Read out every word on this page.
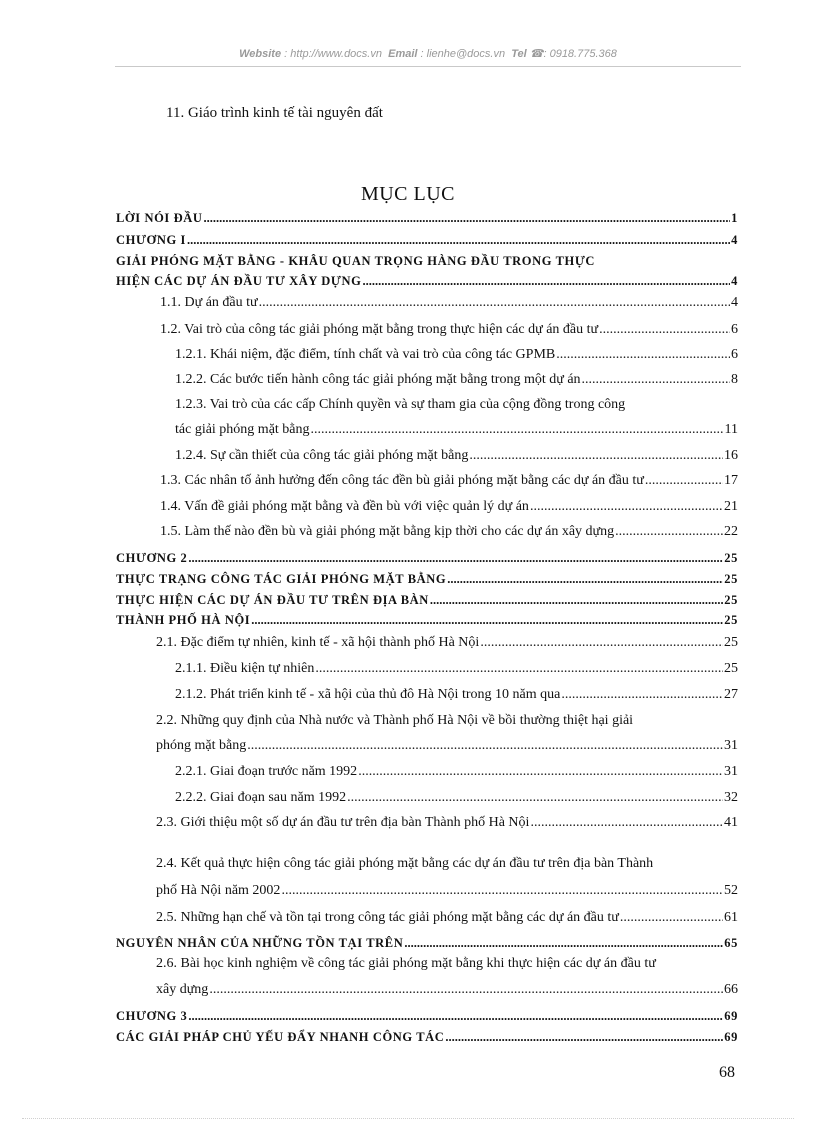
Website : http://www.docs.vn Email : lienhe@docs.vn Tel ☎: 0918.775.368
11. Giáo trình kinh tế tài nguyên đất
MỤC LỤC
LỜI NÓI ĐẦU .....	1
CHƯƠNG I .....	4
GIẢI PHÓNG MẶT BẰNG - KHÂU QUAN TRỌNG HÀNG ĐẦU TRONG THỰC
HIỆN CÁC DỰ ÁN ĐẦU TƯ XÂY DỰNG .....	4
1.1. Dự án đầu tư .....	4
1.2. Vai trò của công tác giải phóng mặt bằng trong thực hiện các dự án đầu tư .....	6
1.2.1. Khái niệm, đặc điểm, tính chất và vai trò của công tác GPMB .....	6
1.2.2. Các bước tiến hành công tác giải phóng mặt bằng trong một dự án .....	8
1.2.3. Vai trò của các cấp Chính quyền và sự tham gia của cộng đồng trong công
tác giải phóng mặt bằng .....	11
1.2.4. Sự cần thiết của công tác giải phóng mặt bằng .....	16
1.3. Các nhân tố ảnh hưởng đến công tác đền bù giải phóng mặt bằng các dự án đầu tư .....	17
1.4. Vấn đề giải phóng mặt bằng và đền bù với việc quản lý dự án .....	21
1.5. Làm thế nào đền bù và giải phóng mặt bằng kịp thời cho các dự án xây dựng .....	22
CHƯƠNG 2 .....	25
THỰC TRẠNG CÔNG TÁC GIẢI PHÓNG MẶT BẰNG .....	25
THỰC HIỆN CÁC DỰ ÁN ĐẦU TƯ TRÊN ĐỊA BÀN .....	25
THÀNH PHỐ HÀ NỘI .....	25
2.1. Đặc điểm tự nhiên, kinh tế - xã hội thành phố Hà Nội .....	25
2.1.1. Điều kiện tự nhiên .....	25
2.1.2. Phát triển kinh tế - xã hội của thủ đô Hà Nội trong 10 năm qua .....	27
2.2. Những quy định của Nhà nước và Thành phố Hà Nội về bồi thường thiệt hại giải
phóng mặt bằng .....	31
2.2.1. Giai đoạn trước năm 1992 .....	31
2.2.2. Giai đoạn sau năm 1992 .....	32
2.3. Giới thiệu một số dự án đầu tư trên địa bàn Thành phố Hà Nội .....	41
2.4. Kết quả thực hiện công tác giải phóng mặt bằng các dự án đầu tư trên địa bàn Thành
phố Hà Nội năm 2002 .....	52
2.5. Những hạn chế và tồn tại trong công tác giải phóng mặt bằng các dự án đầu tư .....	61
NGUYÊN NHÂN CỦA NHỮNG TỒN TẠI TRÊN .....	65
2.6. Bài học kinh nghiệm về công tác giải phóng mặt bằng khi thực hiện các dự án đầu tư
xây dựng .....	66
CHƯƠNG 3 .....	69
CÁC GIẢI PHÁP CHỦ YẾU ĐẨY NHANH CÔNG TÁC .....	69
68
